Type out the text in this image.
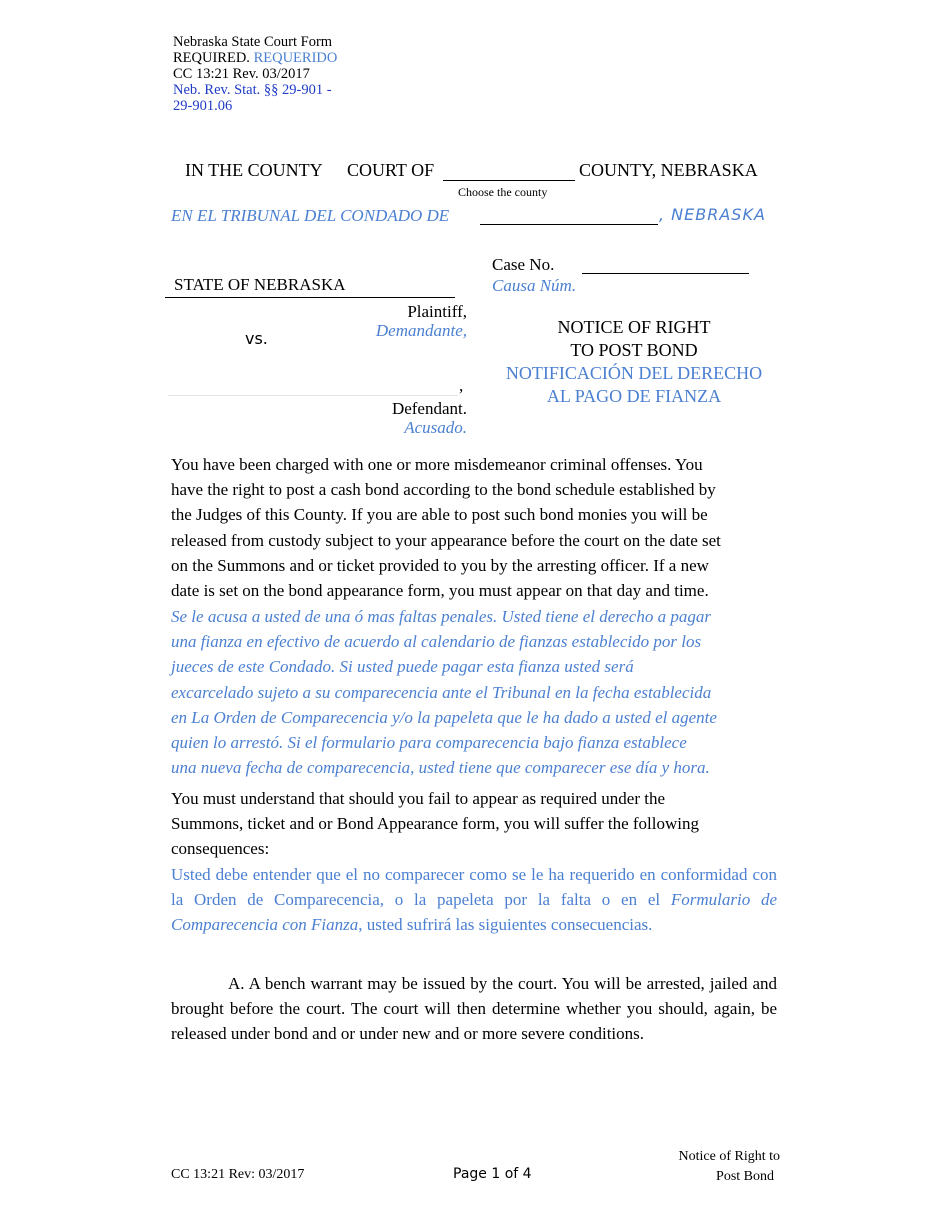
Nebraska State Court Form
REQUIRED. REQUERIDO
CC 13:21 Rev. 03/2017
Neb. Rev. Stat. §§ 29-901 -
29-901.06
IN THE COUNTY COURT OF	COUNTY, NEBRASKA
Choose the county
EN EL TRIBUNAL DEL CONDADO DE	, NEBRASKA
Case No.
Causa Núm.
STATE OF NEBRASKA
Plaintiff,
Demandante,
vs.
,
Defendant.
Acusado.
NOTICE OF RIGHT
TO POST BOND
NOTIFICACIÓN DEL DERECHO
AL PAGO DE FIANZA
You have been charged with one or more misdemeanor criminal offenses. You
have the right to post a cash bond according to the bond schedule established by
the Judges of this County. If you are able to post such bond monies you will be
released from custody subject to your appearance before the court on the date set
on the Summons and or ticket provided to you by the arresting officer. If a new
date is set on the bond appearance form, you must appear on that day and time.
Se le acusa a usted de una ó mas faltas penales. Usted tiene el derecho a pagar
una fianza en efectivo de acuerdo al calendario de fianzas establecido por los
jueces de este Condado. Si usted puede pagar esta fianza usted será
excarcelado sujeto a su comparecencia ante el Tribunal en la fecha establecida
en La Orden de Comparecencia y/o la papeleta que le ha dado a usted el agente
quien lo arrestó. Si el formulario para comparecencia bajo fianza establece
una nueva fecha de comparecencia, usted tiene que comparecer ese día y hora.
You must understand that should you fail to appear as required under the
Summons, ticket and or Bond Appearance form, you will suffer the following
consequences:
Usted debe entender que el no comparecer como se le ha requerido en conformidad con la Orden de Comparecencia, o la papeleta por la falta o en el Formulario de Comparecencia con Fianza, usted sufrirá las siguientes consecuencias.
A. A bench warrant may be issued by the court. You will be arrested, jailed and brought before the court. The court will then determine whether you should, again, be released under bond and or under new and or more severe conditions.
CC 13:21 Rev: 03/2017	Page 1 of 4
Notice of Right to
Post Bond
